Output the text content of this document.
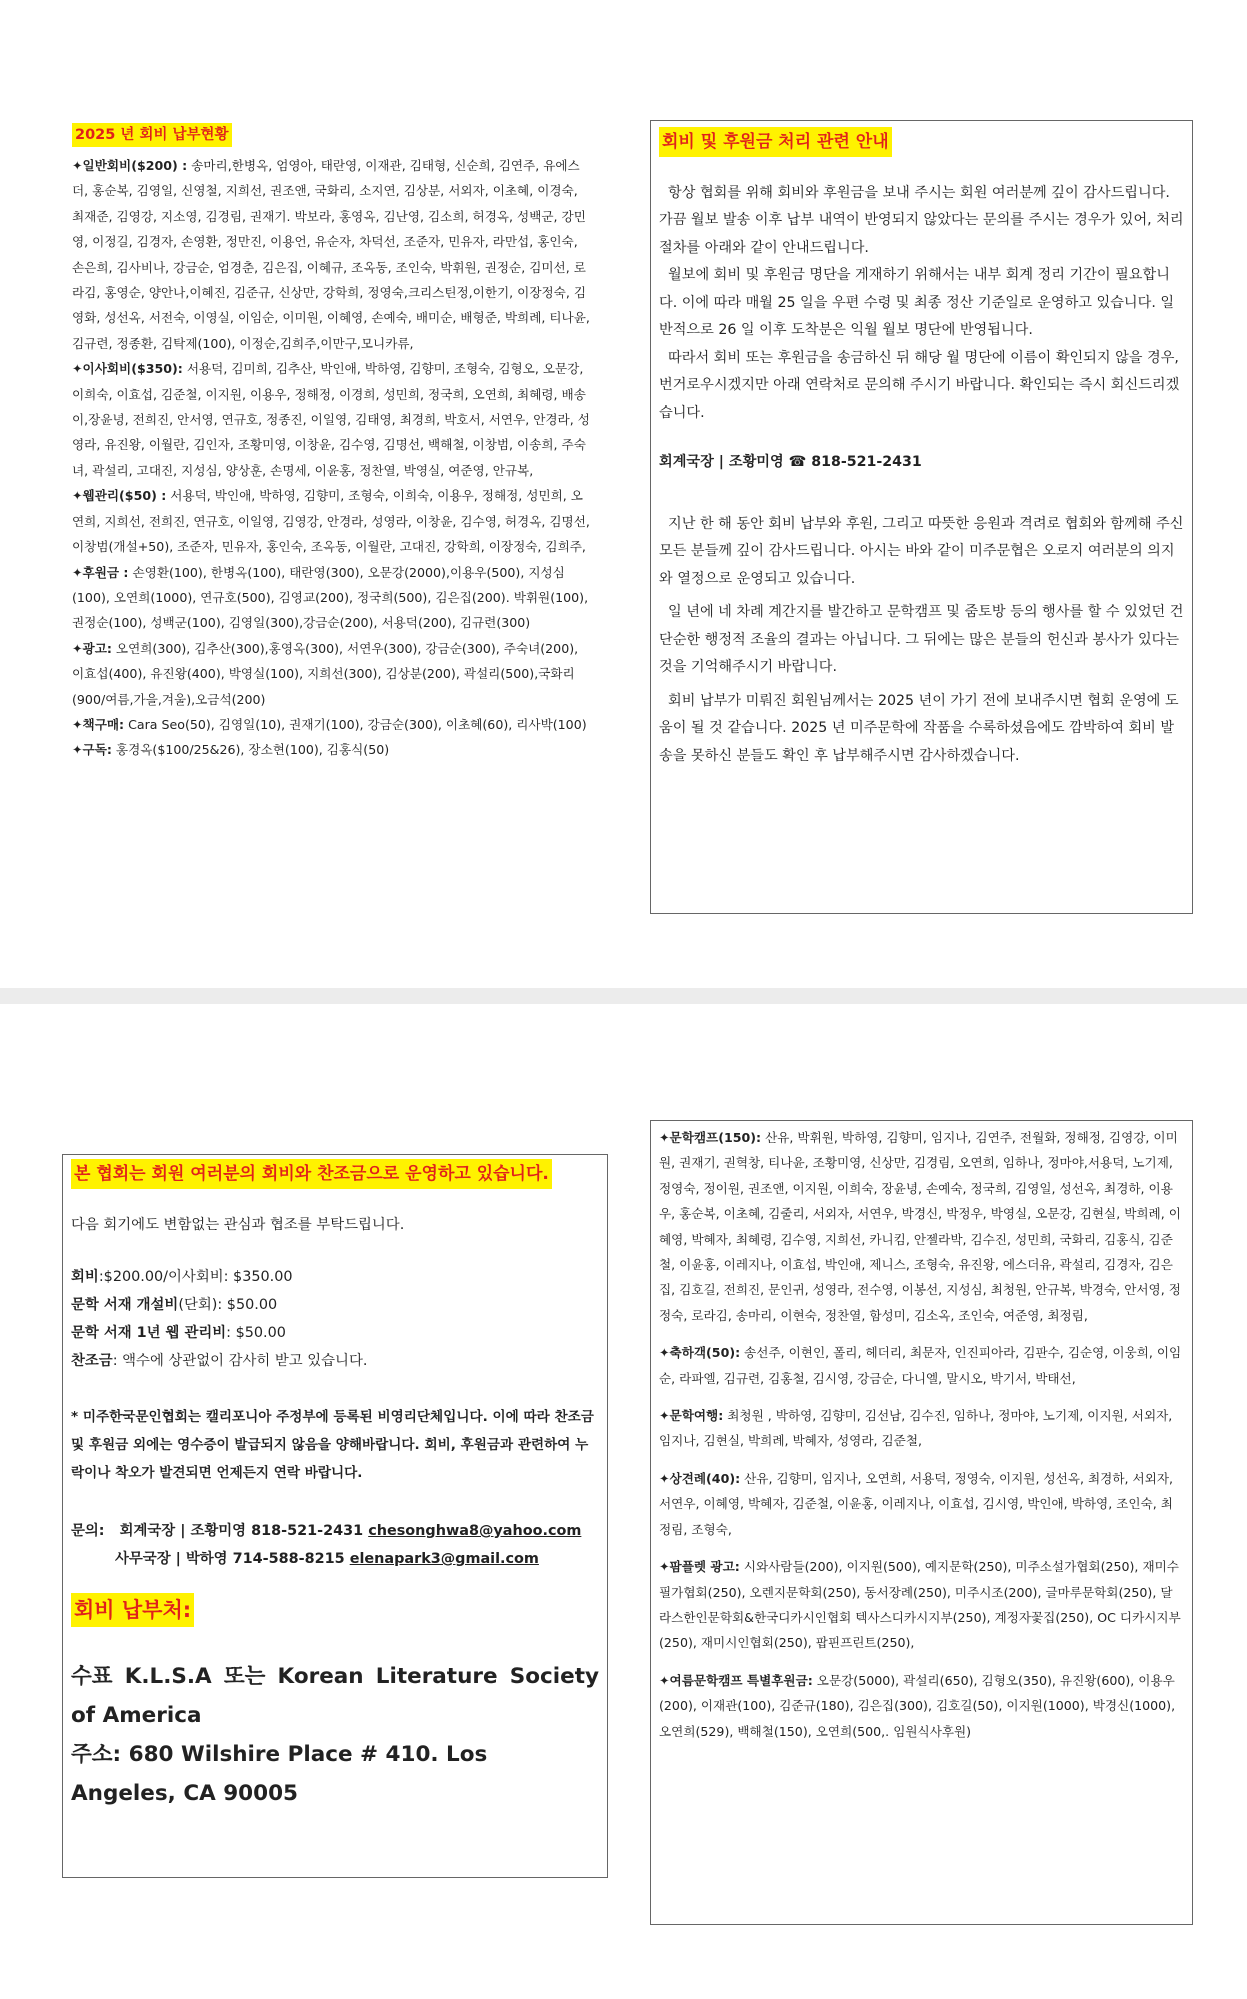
2025 년 회비 납부현황

✦일반회비($200) : 송마리,한병옥, 엄영아, 태란영, 이재관, 김태형, 신순희, 김연주, 유에스더, 홍순복, 김영일, 신영철, 지희선, 권조앤, 국화리, 소지연, 김상분, 서외자, 이초혜, 이경숙, 최재준, 김영강, 지소영, 김경림, 권재기. 박보라, 홍영옥, 김난영, 김소희, 허경옥, 성백군, 강민영, 이정길, 김경자, 손영환, 정만진, 이용언, 유순자, 차덕선, 조준자, 민유자, 라만섭, 홍인숙, 손은희, 김사비나, 강금순, 엄경춘, 김은집, 이혜규, 조옥동, 조인숙, 박휘원, 권정순, 김미선, 로라김, 홍영순, 양안나,이혜진, 김준규, 신상만, 강학희, 정영숙,크리스틴정,이한기, 이장정숙, 김영화, 성선옥, 서전숙, 이영실, 이임순, 이미원, 이혜영, 손예숙, 배미순, 배형준, 박희례, 티나윤, 김규련, 정종환, 김탁제(100), 이정순,김희주,이만구,모니카류,

✦이사회비($350): 서용덕, 김미희, 김추산, 박인애, 박하영, 김향미, 조형숙, 김형오, 오문강, 이희숙, 이효섭, 김준철, 이지원, 이용우, 정해정, 이경희, 성민희, 정국희, 오연희, 최혜령, 배송이,장윤녕, 전희진, 안서영, 연규호, 정종진, 이일영, 김태영, 최경희, 박호서, 서연우, 안경라, 성영라, 유진왕, 이월란, 김인자, 조황미영, 이창윤, 김수영, 김명선, 백해철, 이창범, 이송희, 주숙녀, 곽설리, 고대진, 지성심, 양상훈, 손명세, 이윤홍, 정찬열, 박영실, 여준영, 안규복,

✦웹관리($50) : 서용덕, 박인애, 박하영, 김향미, 조형숙, 이희숙, 이용우, 정해정, 성민희, 오연희, 지희선, 전희진, 연규호, 이일영, 김영강, 안경라, 성영라, 이창윤, 김수영, 허경옥, 김명선, 이창범(개설+50), 조준자, 민유자, 홍인숙, 조옥동, 이월란, 고대진, 강학희, 이장정숙, 김희주,

✦후원금 : 손영환(100), 한병옥(100), 태란영(300), 오문강(2000),이용우(500), 지성심(100), 오연희(1000), 연규호(500), 김영교(200), 정국희(500), 김은집(200). 박휘원(100), 권정순(100), 성백군(100), 김영일(300),강금순(200), 서용덕(200), 김규련(300)

✦광고: 오연희(300), 김추산(300),홍영옥(300), 서연우(300), 강금순(300), 주숙녀(200), 이효섭(400), 유진왕(400), 박영실(100), 지희선(300), 김상분(200), 곽설리(500),국화리(900/여름,가을,겨울),오금석(200)

✦책구매: Cara Seo(50), 김영일(10), 권재기(100), 강금순(300), 이초혜(60), 리사박(100)

✦구독: 홍경옥($100/25&26), 장소현(100), 김홍식(50)

회비 및 후원금 처리 관련 안내

항상 협회를 위해 회비와 후원금을 보내 주시는 회원 여러분께 깊이 감사드립니다. 가끔 월보 발송 이후 납부 내역이 반영되지 않았다는 문의를 주시는 경우가 있어, 처리 절차를 아래와 같이 안내드립니다.

월보에 회비 및 후원금 명단을 게재하기 위해서는 내부 회계 정리 기간이 필요합니다. 이에 따라 매월 25 일을 우편 수령 및 최종 정산 기준일로 운영하고 있습니다. 일반적으로 26 일 이후 도착분은 익월 월보 명단에 반영됩니다.

따라서 회비 또는 후원금을 송금하신 뒤 해당 월 명단에 이름이 확인되지 않을 경우, 번거로우시겠지만 아래 연락처로 문의해 주시기 바랍니다. 확인되는 즉시 회신드리겠습니다.

회계국장 | 조황미영 ☎ 818-521-2431

지난 한 해 동안 회비 납부와 후원, 그리고 따뜻한 응원과 격려로 협회와 함께해 주신 모든 분들께 깊이 감사드립니다. 아시는 바와 같이 미주문협은 오로지 여러분의 의지와 열정으로 운영되고 있습니다.

일 년에 네 차례 계간지를 발간하고 문학캠프 및 줌토방 등의 행사를 할 수 있었던 건 단순한 행정적 조율의 결과는 아닙니다. 그 뒤에는 많은 분들의 헌신과 봉사가 있다는 것을 기억해주시기 바랍니다.

회비 납부가 미뤄진 회원님께서는 2025 년이 가기 전에 보내주시면 협회 운영에 도움이 될 것 같습니다. 2025 년 미주문학에 작품을 수록하셨음에도 깜박하여 회비 발송을 못하신 분들도 확인 후 납부해주시면 감사하겠습니다.

본 협회는 회원 여러분의 회비와 찬조금으로 운영하고 있습니다.

다음 회기에도 변함없는 관심과 협조를 부탁드립니다.

회비:$200.00/이사회비: $350.00

문학 서재 개설비(단회): $50.00

문학 서재 1년 웹 관리비: $50.00

찬조금: 액수에 상관없이 감사히 받고 있습니다.

* 미주한국문인협회는 캘리포니아 주정부에 등록된 비영리단체입니다. 이에 따라 찬조금 및 후원금 외에는 영수증이 발급되지 않음을 양해바랍니다. 회비, 후원금과 관련하여 누락이나 착오가 발견되면 언제든지 연락 바랍니다.

문의: 회계국장 | 조황미영 818-521-2431 chesonghwa8@yahoo.com

사무국장 | 박하영 714-588-8215 elenapark3@gmail.com

회비 납부처:

수표 K.L.S.A 또는 Korean Literature Society of America

주소: 680 Wilshire Place # 410. Los Angeles, CA 90005

✦문학캠프(150): 산유, 박휘원, 박하영, 김향미, 임지나, 김연주, 전월화, 정해정, 김영강, 이미원, 권재기, 권혁창, 티나윤, 조황미영, 신상만, 김경림, 오연희, 임하나, 정마야,서용덕, 노기제, 정영숙, 정이원, 권조앤, 이지원, 이희숙, 장윤녕, 손예숙, 정국희, 김영일, 성선옥, 최경하, 이용우, 홍순복, 이초혜, 김줄리, 서외자, 서연우, 박경신, 박정우, 박영실, 오문강, 김현실, 박희례, 이혜영, 박혜자, 최혜령, 김수영, 지희선, 카니킴, 안젤라박, 김수진, 성민희, 국화리, 김홍식, 김준철, 이윤홍, 이레지나, 이효섭, 박인애, 제니스, 조형숙, 유진왕, 에스더유, 곽설리, 김경자, 김은집, 김호길, 전희진, 문인귀, 성영라, 전수영, 이봉선, 지성심, 최청원, 안규복, 박경숙, 안서영, 정정숙, 로라김, 송마리, 이현숙, 정찬열, 함성미, 김소옥, 조인숙, 여준영, 최정림,

✦축하객(50): 송선주, 이현인, 폴리, 헤더리, 최문자, 인진피아라, 김판수, 김순영, 이웅희, 이임순, 라파엘, 김규련, 김홍철, 김시영, 강금순, 다니엘, 말시오, 박기서, 박태선,

✦문학여행: 최청원 , 박하영, 김향미, 김선남, 김수진, 임하나, 정마야, 노기제, 이지원, 서외자, 임지나, 김현실, 박희례, 박혜자, 성영라, 김준철,

✦상견례(40): 산유, 김향미, 임지나, 오연희, 서용덕, 정영숙, 이지원, 성선옥, 최경하, 서외자, 서연우, 이혜영, 박혜자, 김준철, 이윤홍, 이레지나, 이효섭, 김시영, 박인애, 박하영, 조인숙, 최정림, 조형숙,

✦팜플렛 광고: 시와사람들(200), 이지원(500), 예지문학(250), 미주소설가협회(250), 재미수필가협회(250), 오렌지문학회(250), 동서장례(250), 미주시조(200), 글마루문학회(250), 달라스한인문학회&한국디카시인협회 텍사스디카시지부(250), 계정자꽃집(250), OC 디카시지부(250), 재미시인협회(250), 팝핀프린트(250),

✦여름문학캠프 특별후원금: 오문강(5000), 곽설리(650), 김형오(350), 유진왕(600), 이용우(200), 이재관(100), 김준규(180), 김은집(300), 김호길(50), 이지원(1000), 박경신(1000), 오연희(529), 백해철(150), 오연희(500,. 임원식사후원)
